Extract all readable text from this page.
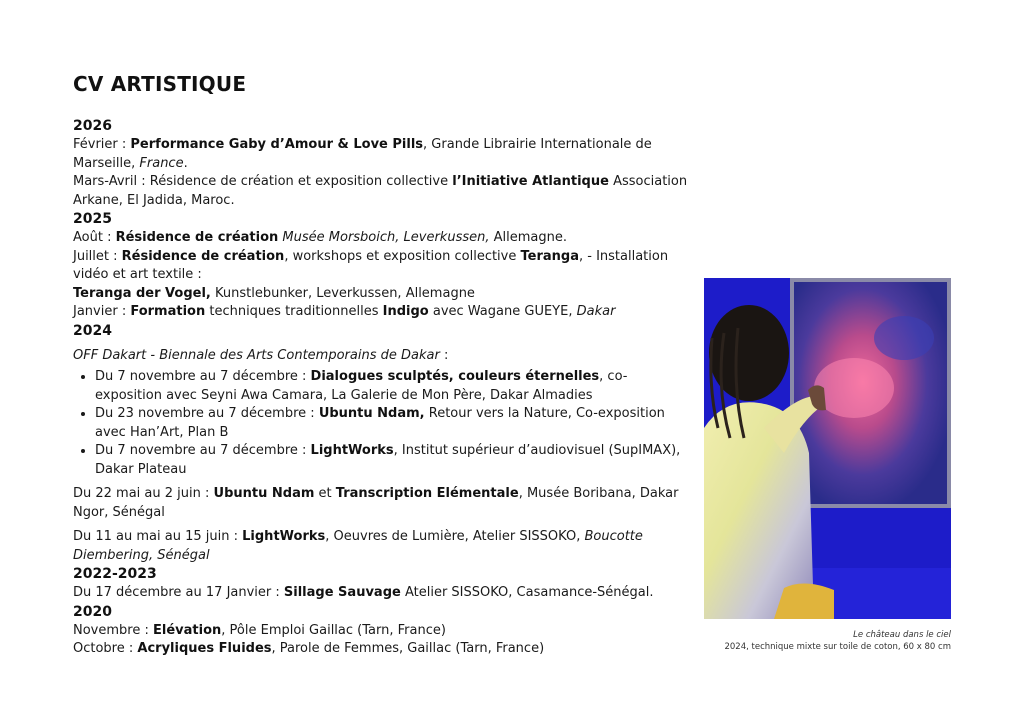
CV ARTISTIQUE

2026

Février : Performance Gaby d’Amour & Love Pills, Grande Librairie Internationale de Marseille, France.

Mars-Avril : Résidence de création et exposition collective l’Initiative Atlantique Association Arkane, El Jadida, Maroc.

2025

Août : Résidence de création Musée Morsboich, Leverkussen, Allemagne.

Juillet : Résidence de création, workshops et exposition collective Teranga, - Installation vidéo et art textile :

Teranga der Vogel, Kunstlebunker, Leverkussen, Allemagne

Janvier : Formation techniques traditionnelles Indigo avec Wagane GUEYE, Dakar

2024

OFF Dakart - Biennale des Arts Contemporains de Dakar :

• Du 7 novembre au 7 décembre : Dialogues sculptés, couleurs éternelles, co-exposition avec Seyni Awa Camara, La Galerie de Mon Père, Dakar Almadies
• Du 23 novembre au 7 décembre : Ubuntu Ndam, Retour vers la Nature, Co-exposition avec Han’Art, Plan B
• Du 7 novembre au 7 décembre : LightWorks, Institut supérieur d’audiovisuel (SupIMAX), Dakar Plateau

Du 22 mai au 2 juin : Ubuntu Ndam et Transcription Elémentale, Musée Boribana, Dakar Ngor, Sénégal

Du 11 au mai au 15 juin : LightWorks, Oeuvres de Lumière, Atelier SISSOKO, Boucotte Diembering, Sénégal

2022-2023

Du 17 décembre au 17 Janvier : Sillage Sauvage Atelier SISSOKO, Casamance-Sénégal.

2020

Novembre : Elévation, Pôle Emploi Gaillac (Tarn, France)

Octobre : Acryliques Fluides, Parole de Femmes, Gaillac (Tarn, France)

Le château dans le ciel
2024, technique mixte sur toile de coton, 60 x 80 cm
